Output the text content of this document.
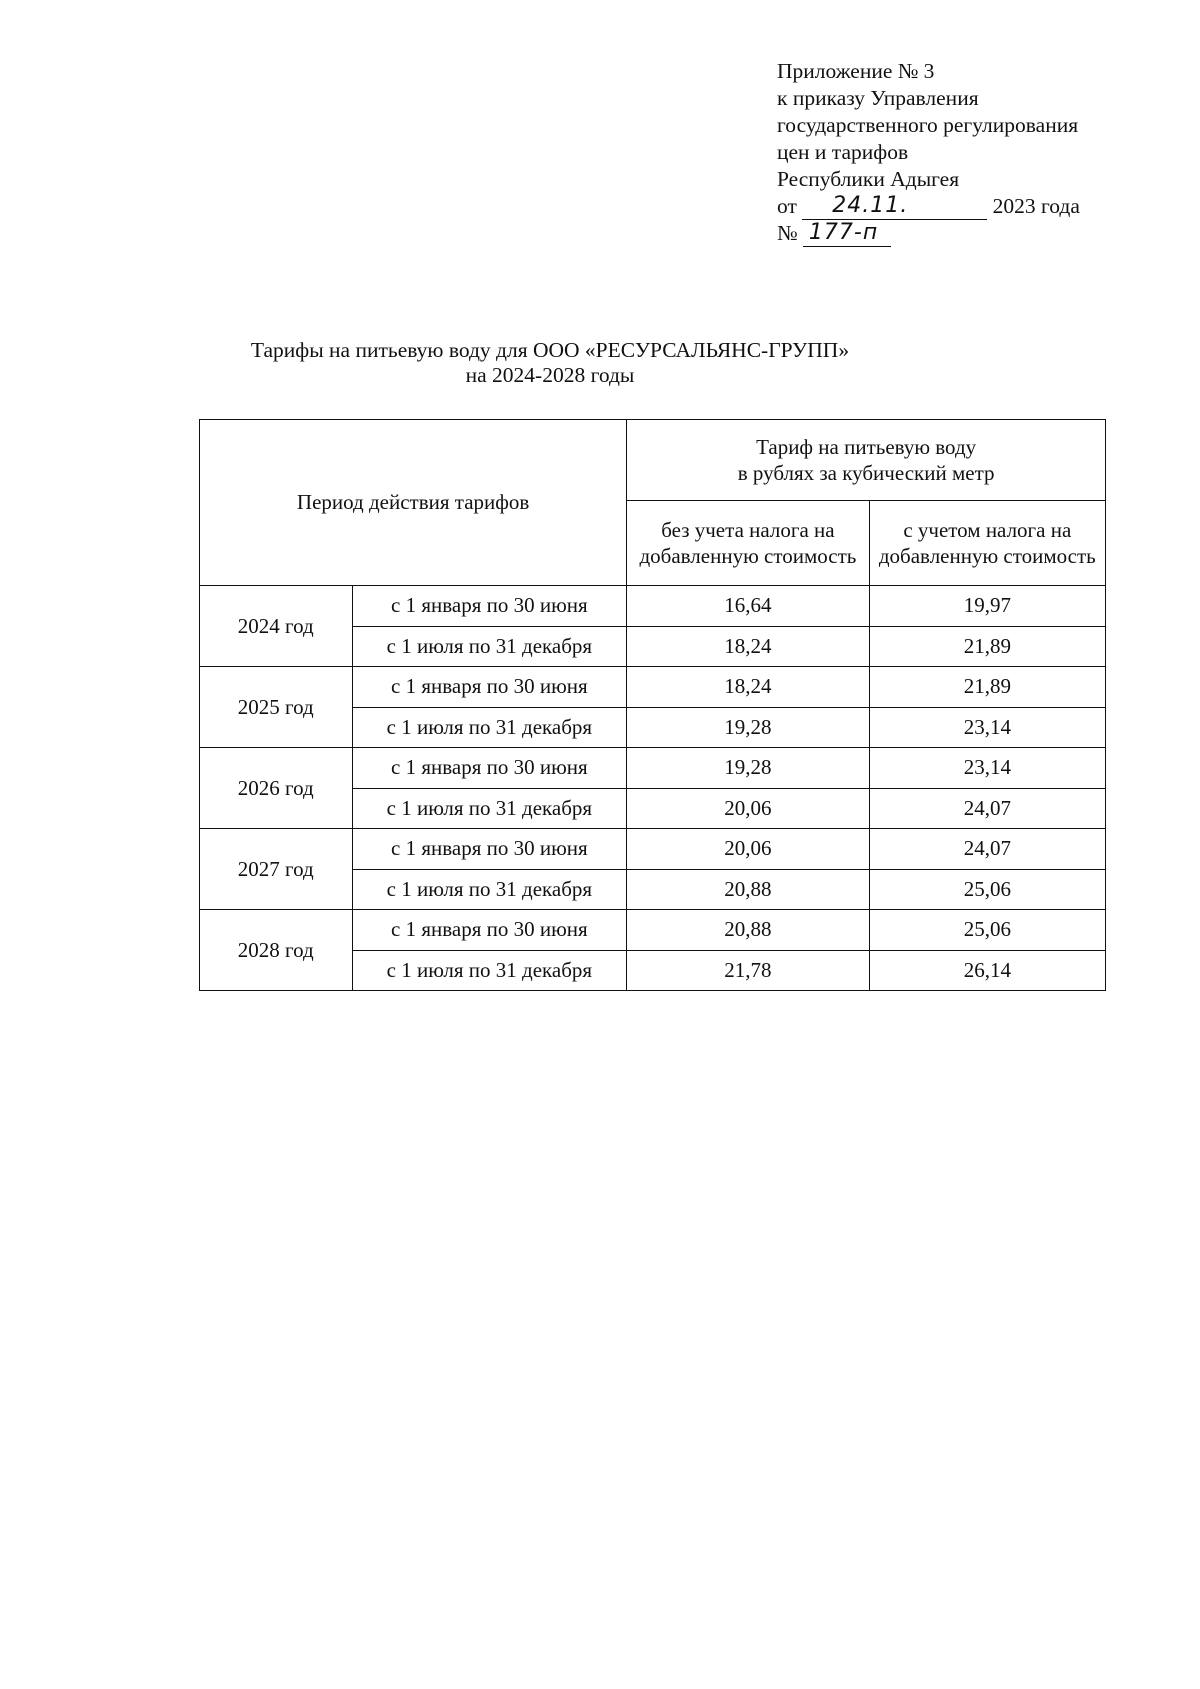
Приложение № 3
к приказу Управления
государственного регулирования
цен и тарифов
Республики Адыгея
от 24.11.	2023 года
№ 177-п
Тарифы на питьевую воду для ООО «РЕСУРСАЛЬЯНС-ГРУПП»
на 2024-2028 годы
Период действия тарифов		Тариф на питьевую воду
в рублях за кубический метр	

		без учета налога на добавленную стоимость	с учетом налога на добавленную стоимость
2024 год	с 1 января по 30 июня	16,64	19,97
	с 1 июля по 31 декабря	18,24	21,89
2025 год	с 1 января по 30 июня	18,24	21,89
	с 1 июля по 31 декабря	19,28	23,14
2026 год	с 1 января по 30 июня	19,28	23,14
	с 1 июля по 31 декабря	20,06	24,07
2027 год	с 1 января по 30 июня	20,06	24,07
	с 1 июля по 31 декабря	20,88	25,06
2028 год	с 1 января по 30 июня	20,88	25,06
	с 1 июля по 31 декабря	21,78	26,14
